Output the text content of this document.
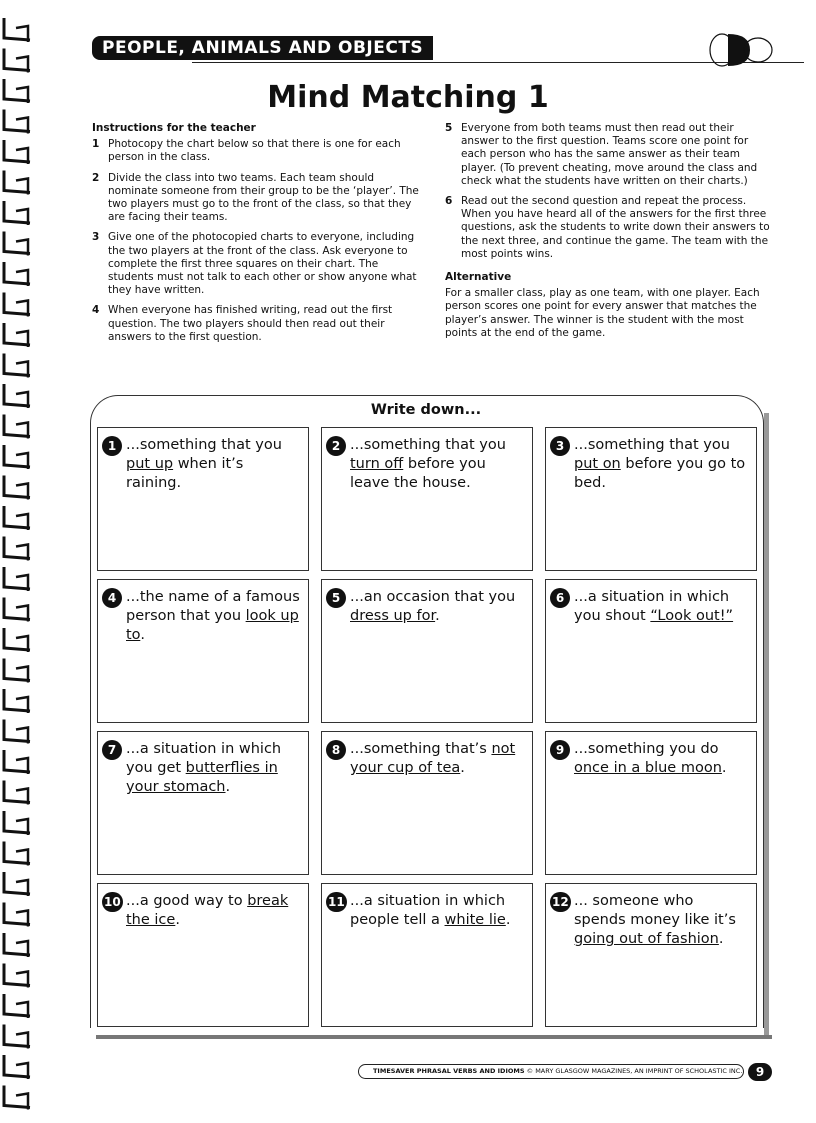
PEOPLE, ANIMALS AND OBJECTS
Mind Matching 1
Instructions for the teacher
1 Photocopy the chart below so that there is one for each person in the class.
2 Divide the class into two teams. Each team should nominate someone from their group to be the ‘player’. The two players must go to the front of the class, so that they are facing their teams.
3 Give one of the photocopied charts to everyone, including the two players at the front of the class. Ask everyone to complete the first three squares on their chart. The students must not talk to each other or show anyone what they have written.
4 When everyone has finished writing, read out the first question. The two players should then read out their answers to the first question.
5 Everyone from both teams must then read out their answer to the first question. Teams score one point for each person who has the same answer as their team player. (To prevent cheating, move around the class and check what the students have written on their charts.)
6 Read out the second question and repeat the process. When you have heard all of the answers for the first three questions, ask the students to write down their answers to the next three, and continue the game. The team with the most points wins.
Alternative

For a smaller class, play as one team, with one player. Each person scores one point for every answer that matches the player’s answer. The winner is the student with the most points at the end of the game.

Write down...
1 ...something that you put up when it’s raining.
2 ...something that you turn off before you leave the house.
3 ...something that you put on before you go to bed.
4 ...the name of a famous person that you look up to.
5 ...an occasion that you dress up for.
6 ...a situation in which you shout “Look out!”
7 ...a situation in which you get butterflies in your stomach.
8 ...something that’s not your cup of tea.
9 ...something you do once in a blue moon.
10 ...a good way to break the ice.
11 ...a situation in which people tell a white lie.
12 ... someone who spends money like it’s going out of fashion.
TIMESAVER PHRASAL VERBS AND IDIOMS © MARY GLASGOW MAGAZINES, AN IMPRINT OF SCHOLASTIC INC.	9
